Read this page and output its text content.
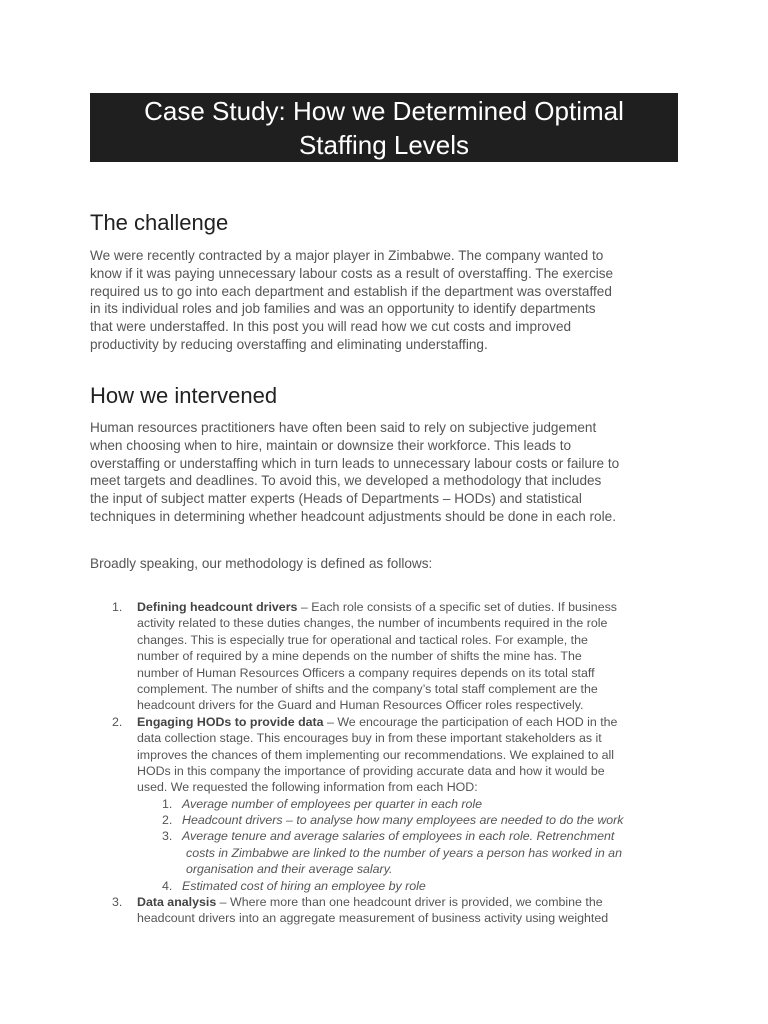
Case Study: How we Determined Optimal
Staffing Levels
The challenge
We were recently contracted by a major player in Zimbabwe. The company wanted to
know if it was paying unnecessary labour costs as a result of overstaffing. The exercise
required us to go into each department and establish if the department was overstaffed
in its individual roles and job families and was an opportunity to identify departments
that were understaffed. In this post you will read how we cut costs and improved
productivity by reducing overstaffing and eliminating understaffing.
How we intervened
Human resources practitioners have often been said to rely on subjective judgement
when choosing when to hire, maintain or downsize their workforce. This leads to
overstaffing or understaffing which in turn leads to unnecessary labour costs or failure to
meet targets and deadlines. To avoid this, we developed a methodology that includes
the input of subject matter experts (Heads of Departments – HODs) and statistical
techniques in determining whether headcount adjustments should be done in each role.
Broadly speaking, our methodology is defined as follows:
1.	Defining headcount drivers – Each role consists of a specific set of duties. If business
activity related to these duties changes, the number of incumbents required in the role
changes. This is especially true for operational and tactical roles. For example, the
number of required by a mine depends on the number of shifts the mine has. The
number of Human Resources Officers a company requires depends on its total staff
complement. The number of shifts and the company’s total staff complement are the
headcount drivers for the Guard and Human Resources Officer roles respectively.
2.	Engaging HODs to provide data – We encourage the participation of each HOD in the
data collection stage. This encourages buy in from these important stakeholders as it
improves the chances of them implementing our recommendations. We explained to all
HODs in this company the importance of providing accurate data and how it would be
used. We requested the following information from each HOD:
1. Average number of employees per quarter in each role
2. Headcount drivers – to analyse how many employees are needed to do the work
3. Average tenure and average salaries of employees in each role. Retrenchment
costs in Zimbabwe are linked to the number of years a person has worked in an
organisation and their average salary.
4. Estimated cost of hiring an employee by role
3.	Data analysis – Where more than one headcount driver is provided, we combine the
headcount drivers into an aggregate measurement of business activity using weighted
